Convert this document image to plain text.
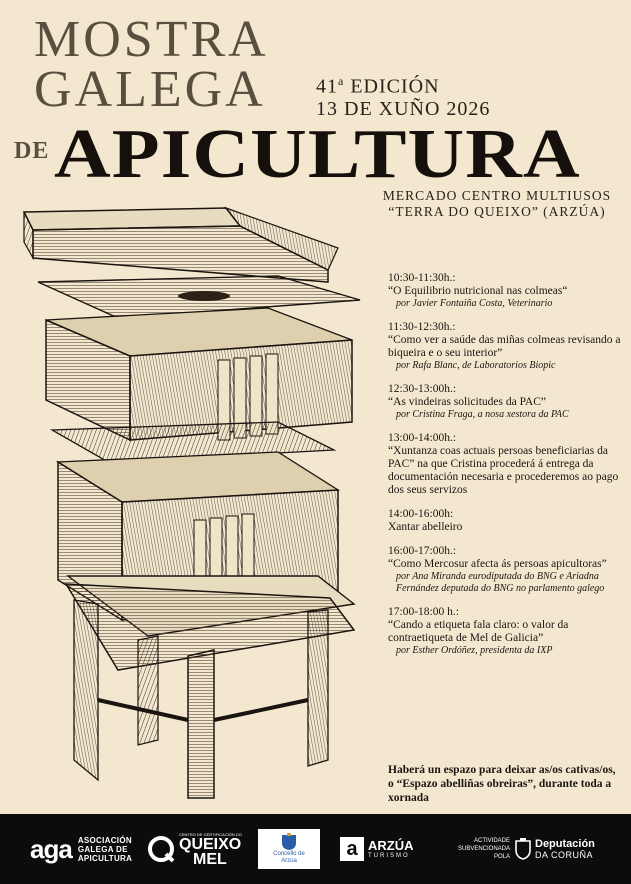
MOSTRA
GALEGA
DE APICULTURA
41$^a$ EDICIÓN
13 DE XUÑO 2026
MERCADO CENTRO MULTIUSOS
“TERRA DO QUEIXO” (ARZÚA)
10:30-11:30h.:
“O Equilibrio nutricional nas colmeas“
por Javier Fontaiña Costa, Veterinario
11:30-12:30h.:
“Como ver a saúde das miñas colmeas revisando a biqueira e o seu interior”
por Rafa Blanc, de Laboratorios Biopic
12:30-13:00h.:
“As vindeiras solicitudes da PAC”
por Cristina Fraga, a nosa xestora da PAC
13:00-14:00h.:
“Xuntanza coas actuais persoas beneficiarias da PAC” na que Cristina procederá á entrega da documentación necesaria e procederemos ao pago dos seus servizos
14:00-16:00h:
Xantar abelleiro
16:00-17:00h.:
“Como Mercosur afecta ás persoas apicultoras”
por Ana Miranda eurodiputada do BNG e Ariadna Fernández deputada do BNG no parlamento galego
17:00-18:00 h.:
“Cando a etiqueta fala claro: o valor da contraetiqueta de Mel de Galicia”
por Esther Ordóñez, presidenta da IXP
Haberá un espazo para deixar as/os cativas/os, o “Espazo abelliñas obreiras”, durante toda a xornada
aga ASOCIACIÓN GALEGA DE APICULTURA
CENTRO DE CERTIFICACIÓN DO
QUEIXO
MEL	Concello de Arzúa
a ARZÚA
TURISMO
ACTIVIDADE
SUBVENCIONADA
POLA
Deputación
DA CORUÑA
